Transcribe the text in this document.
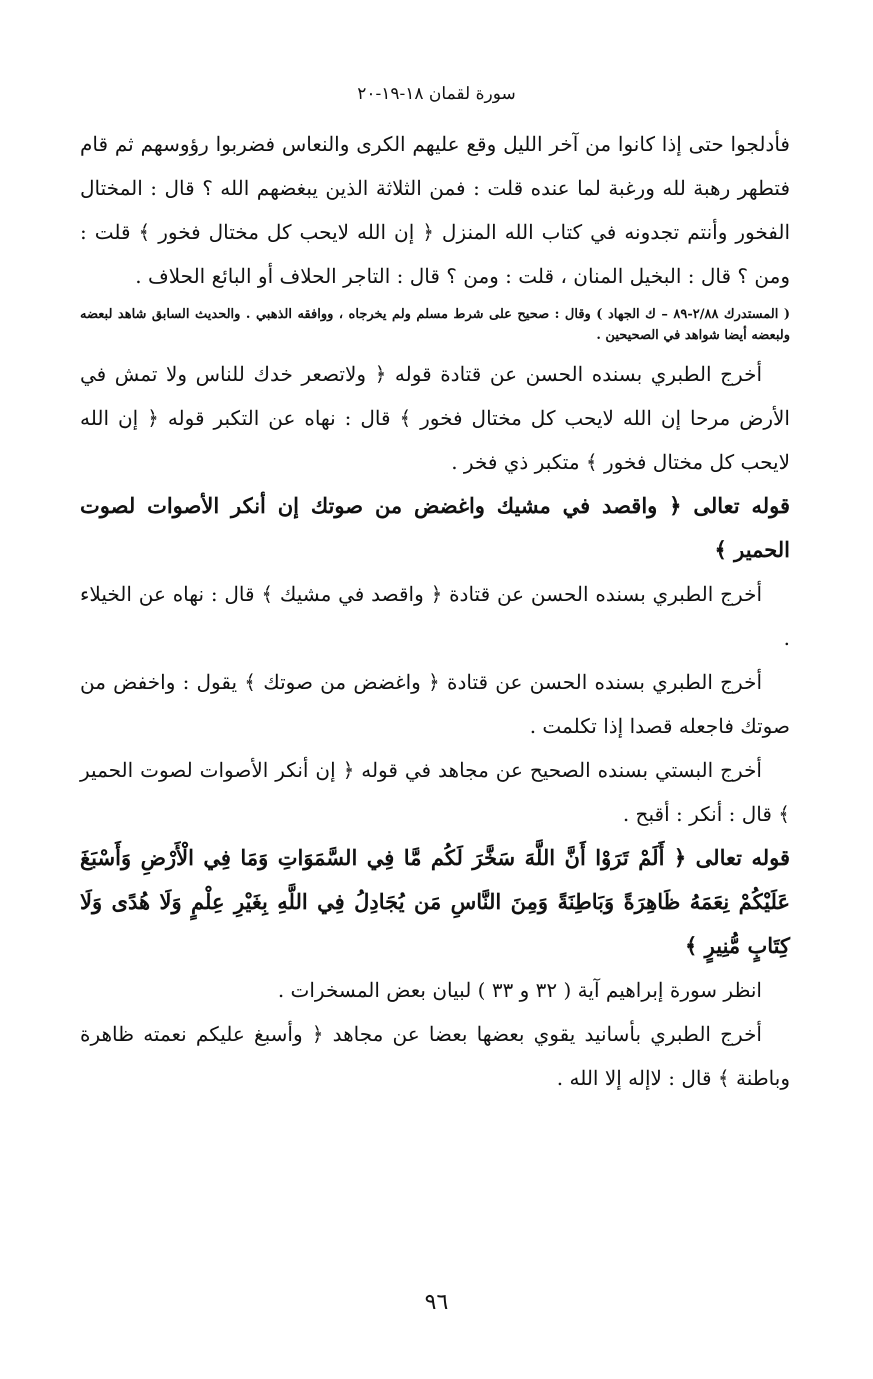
سورة لقمان ١٨-١٩-٢٠

فأدلجوا حتى إذا كانوا من آخر الليل وقع عليهم الكرى والنعاس فضربوا رؤوسهم ثم قام فتطهر رهبة لله ورغبة لما عنده قلت : فمن الثلاثة الذين يبغضهم الله ؟ قال : المختال الفخور وأنتم تجدونه في كتاب الله المنزل ﴿ إن الله لايحب كل مختال فخور ﴾ قلت : ومن ؟ قال : البخيل المنان ، قلت : ومن ؟ قال : التاجر الحلاف أو البائع الحلاف .

( المستدرك ٢/٨٨-٨٩ – ك الجهاد ) وقال : صحيح على شرط مسلم ولم يخرجاه ، ووافقه الذهبي . والحديث السابق شاهد لبعضه ولبعضه أيضا شواهد في الصحيحين .

أخرج الطبري بسنده الحسن عن قتادة قوله ﴿ ولاتصعر خدك للناس ولا تمش في الأرض مرحا إن الله لايحب كل مختال فخور ﴾ قال : نهاه عن التكبر قوله ﴿ إن الله لايحب كل مختال فخور ﴾ متكبر ذي فخر .

قوله تعالى ﴿ واقصد في مشيك واغضض من صوتك إن أنكر الأصوات لصوت الحمير ﴾

أخرج الطبري بسنده الحسن عن قتادة ﴿ واقصد في مشيك ﴾ قال : نهاه عن الخيلاء .

أخرج الطبري بسنده الحسن عن قتادة ﴿ واغضض من صوتك ﴾ يقول : واخفض من صوتك فاجعله قصدا إذا تكلمت .

أخرج البستي بسنده الصحيح عن مجاهد في قوله ﴿ إن أنكر الأصوات لصوت الحمير ﴾ قال : أنكر : أقبح .

قوله تعالى ﴿ أَلَمْ تَرَوْا أَنَّ اللَّهَ سَخَّرَ لَكُم مَّا فِي السَّمَوَاتِ وَمَا فِي الْأَرْضِ وَأَسْبَغَ عَلَيْكُمْ نِعَمَهُ ظَاهِرَةً وَبَاطِنَةً وَمِنَ النَّاسِ مَن يُجَادِلُ فِي اللَّهِ بِغَيْرِ عِلْمٍ وَلَا هُدًى وَلَا كِتَابٍ مُّنِيرٍ ﴾

انظر سورة إبراهيم آية ( ٣٢ و ٣٣ ) لبيان بعض المسخرات .

أخرج الطبري بأسانيد يقوي بعضها بعضا عن مجاهد ﴿ وأسبغ عليكم نعمته ظاهرة وباطنة ﴾ قال : لاإله إلا الله .

٩٦
